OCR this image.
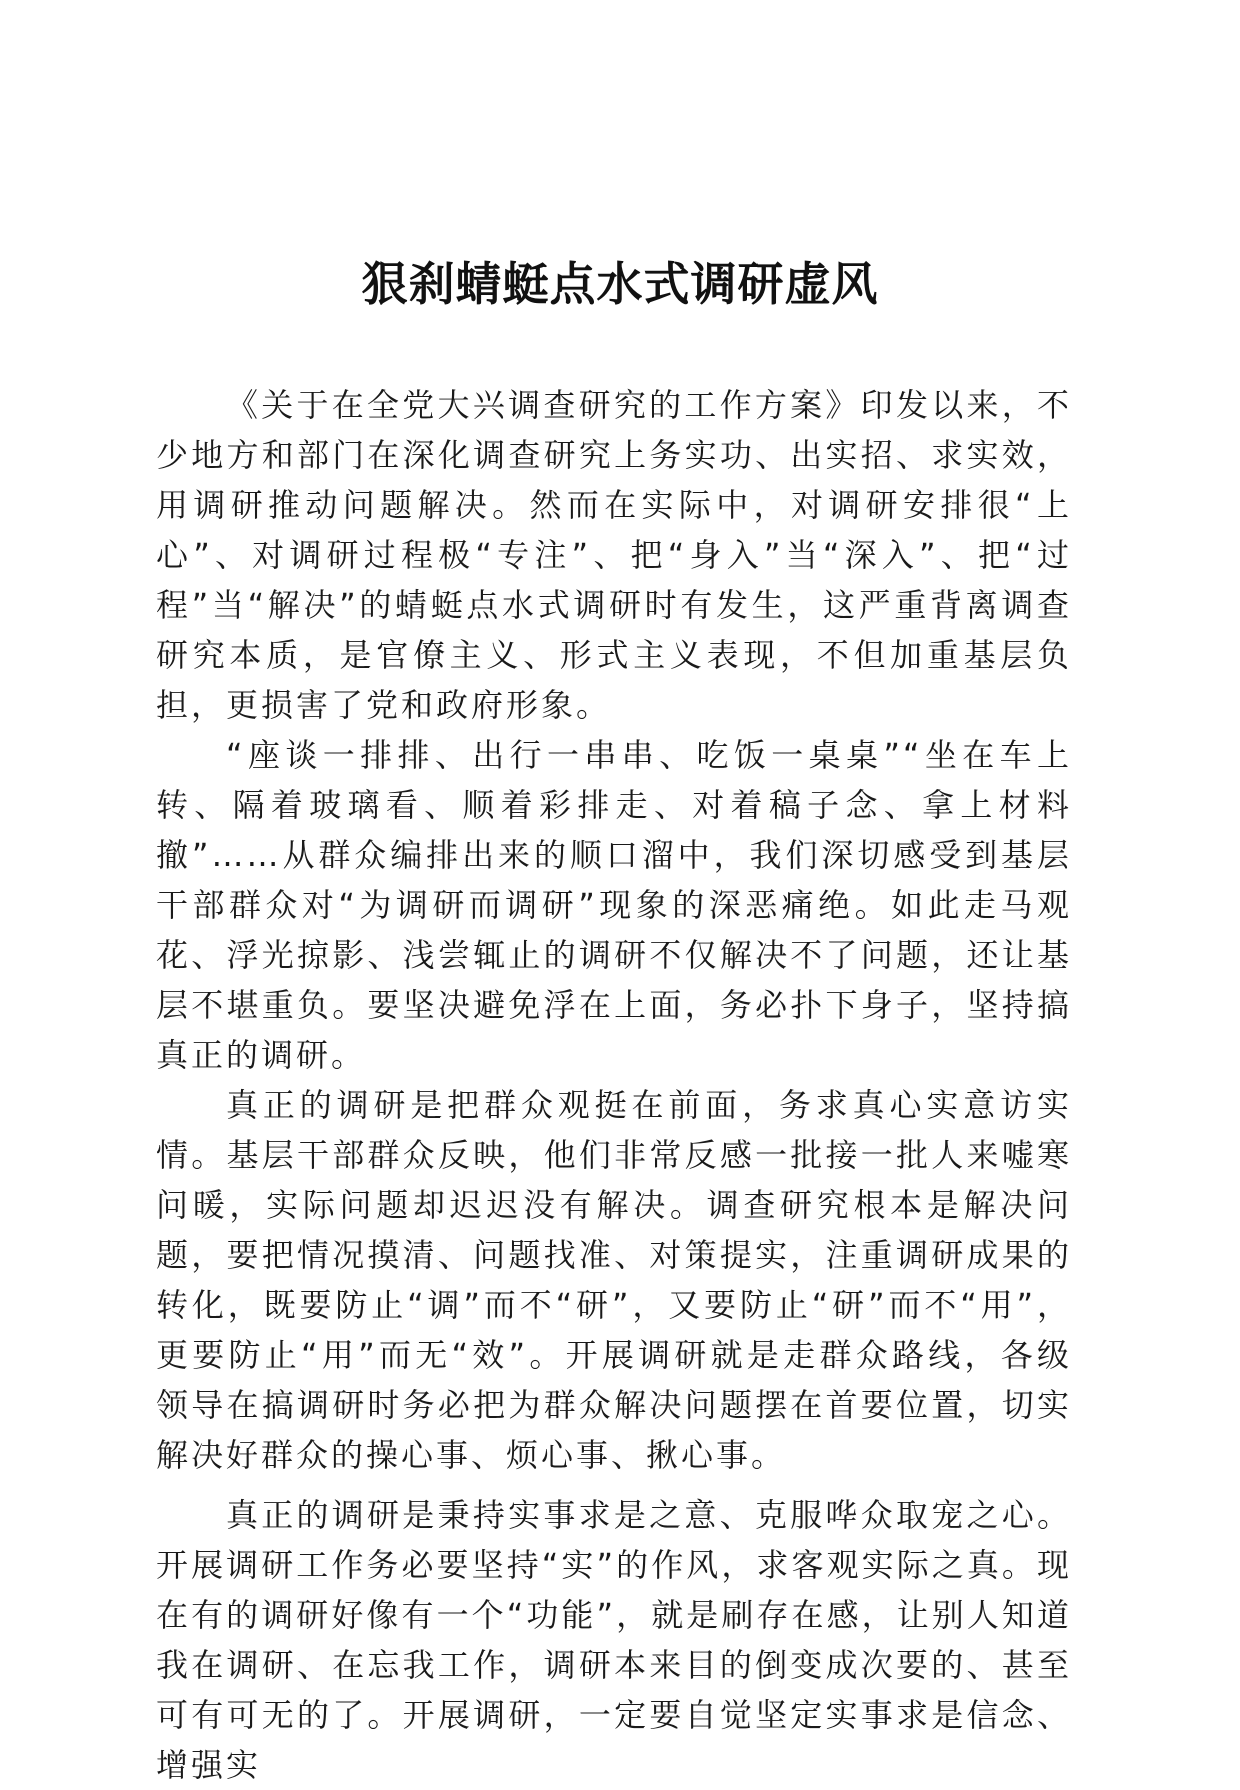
狠刹蜻蜓点水式调研虚风

《关于在全党大兴调查研究的工作方案》印发以来，不少地方和部门在深化调查研究上务实功、出实招、求实效，用调研推动问题解决。然而在实际中，对调研安排很“上心”、对调研过程极“专注”、把“身入”当“深入”、把“过程”当“解决”的蜻蜓点水式调研时有发生，这严重背离调查研究本质，是官僚主义、形式主义表现，不但加重基层负担，更损害了党和政府形象。

“座谈一排排、出行一串串、吃饭一桌桌”“坐在车上转、隔着玻璃看、顺着彩排走、对着稿子念、拿上材料撤”……从群众编排出来的顺口溜中，我们深切感受到基层干部群众对“为调研而调研”现象的深恶痛绝。如此走马观花、浮光掠影、浅尝辄止的调研不仅解决不了问题，还让基层不堪重负。要坚决避免浮在上面，务必扑下身子，坚持搞真正的调研。

真正的调研是把群众观挺在前面，务求真心实意访实情。基层干部群众反映，他们非常反感一批接一批人来嘘寒问暖，实际问题却迟迟没有解决。调查研究根本是解决问题，要把情况摸清、问题找准、对策提实，注重调研成果的转化，既要防止“调”而不“研”，又要防止“研”而不“用”，更要防止“用”而无“效”。开展调研就是走群众路线，各级领导在搞调研时务必把为群众解决问题摆在首要位置，切实解决好群众的操心事、烦心事、揪心事。

真正的调研是秉持实事求是之意、克服哗众取宠之心。开展调研工作务必要坚持“实”的作风，求客观实际之真。现在有的调研好像有一个“功能”，就是刷存在感，让别人知道我在调研、在忘我工作，调研本来目的倒变成次要的、甚至可有可无的了。开展调研，一定要自觉坚定实事求是信念、增强实
